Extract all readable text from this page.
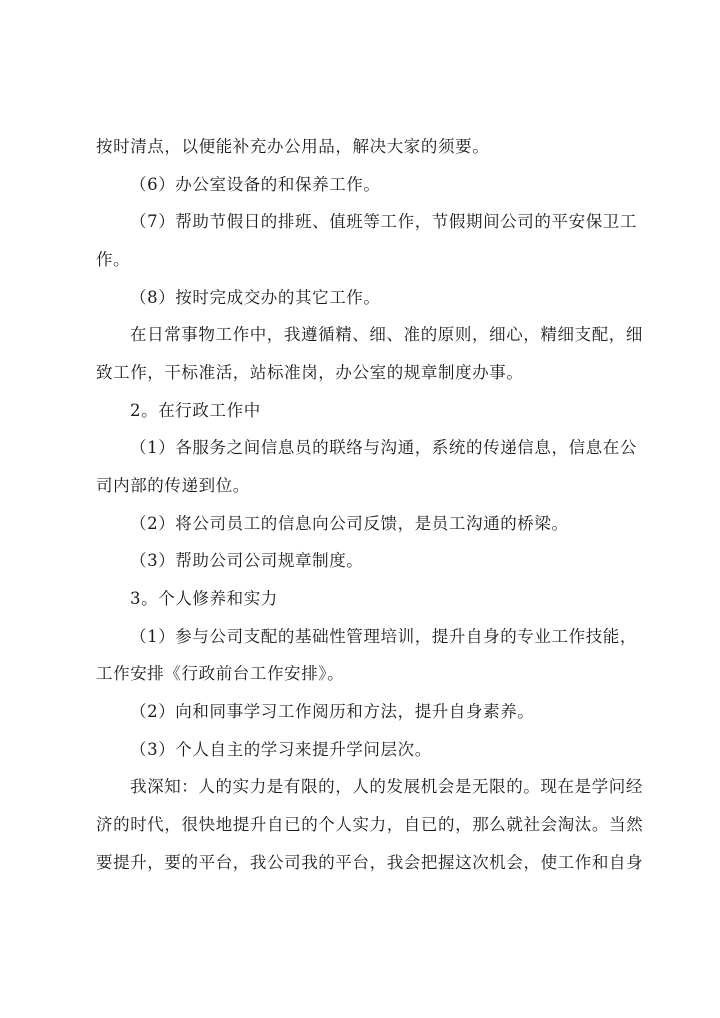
按时清点，以便能补充办公用品，解决大家的须要。
（6）办公室设备的和保养工作。
（7）帮助节假日的排班、值班等工作，节假期间公司的平安保卫工
作。
（8）按时完成交办的其它工作。
在日常事物工作中，我遵循精、细、准的原则，细心，精细支配，细
致工作，干标准活，站标准岗，办公室的规章制度办事。
2。在行政工作中
（1）各服务之间信息员的联络与沟通，系统的传递信息，信息在公
司内部的传递到位。
（2）将公司员工的信息向公司反馈，是员工沟通的桥梁。
（3）帮助公司公司规章制度。
3。个人修养和实力
（1）参与公司支配的基础性管理培训，提升自身的专业工作技能，
工作安排《行政前台工作安排》。
（2）向和同事学习工作阅历和方法，提升自身素养。
（3）个人自主的学习来提升学问层次。
我深知：人的实力是有限的，人的发展机会是无限的。现在是学问经
济的时代，很快地提升自已的个人实力，自已的，那么就社会淘汰。当然
要提升，要的平台，我公司我的平台，我会把握这次机会，使工作和自身
